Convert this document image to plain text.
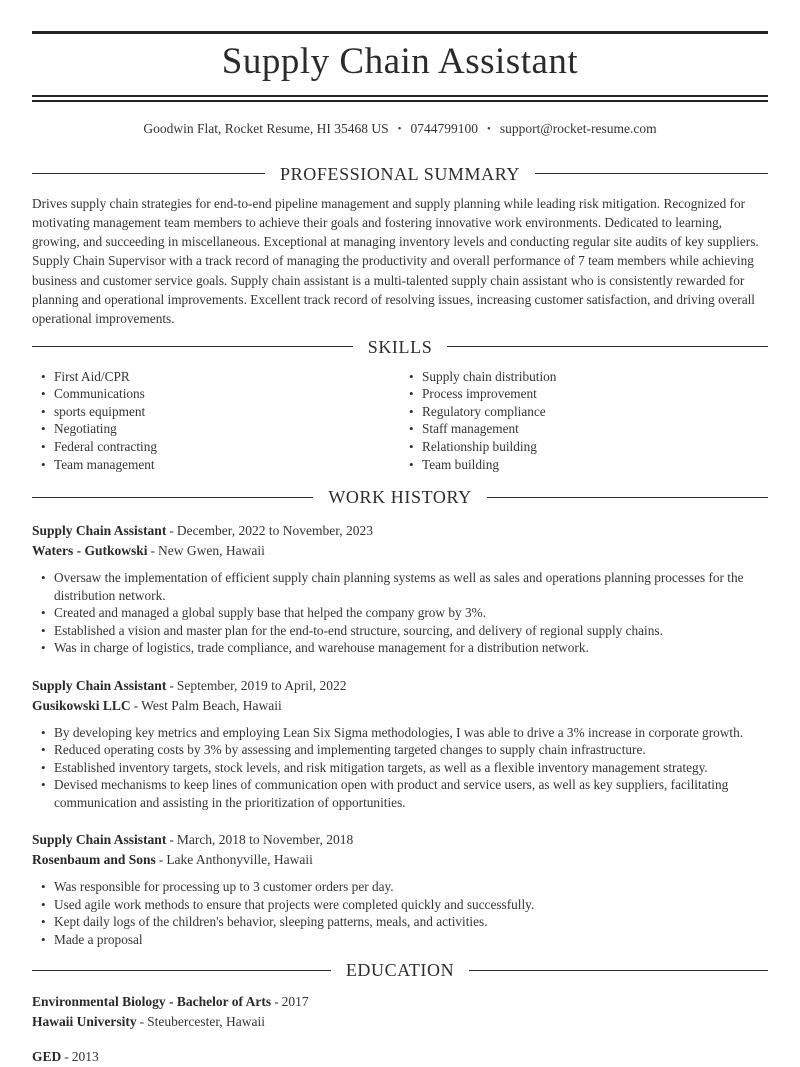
Supply Chain Assistant
Goodwin Flat, Rocket Resume, HI 35468 US • 0744799100 • support@rocket-resume.com
PROFESSIONAL SUMMARY

Drives supply chain strategies for end-to-end pipeline management and supply planning while leading risk mitigation. Recognized for motivating management team members to achieve their goals and fostering innovative work environments. Dedicated to learning, growing, and succeeding in miscellaneous. Exceptional at managing inventory levels and conducting regular site audits of key suppliers. Supply Chain Supervisor with a track record of managing the productivity and overall performance of 7 team members while achieving business and customer service goals. Supply chain assistant is a multi-talented supply chain assistant who is consistently rewarded for planning and operational improvements. Excellent track record of resolving issues, increasing customer satisfaction, and driving overall operational improvements.

SKILLS
• First Aid/CPR
• Communications
• sports equipment
• Negotiating
• Federal contracting
• Team management
• Supply chain distribution
• Process improvement
• Regulatory compliance
• Staff management
• Relationship building
• Team building
WORK HISTORY
Supply Chain Assistant - December, 2022 to November, 2023
Waters - Gutkowski - New Gwen, Hawaii
• Oversaw the implementation of efficient supply chain planning systems as well as sales and operations planning processes for the distribution network.
• Created and managed a global supply base that helped the company grow by 3%.
• Established a vision and master plan for the end-to-end structure, sourcing, and delivery of regional supply chains.
• Was in charge of logistics, trade compliance, and warehouse management for a distribution network.
Supply Chain Assistant - September, 2019 to April, 2022
Gusikowski LLC - West Palm Beach, Hawaii
• By developing key metrics and employing Lean Six Sigma methodologies, I was able to drive a 3% increase in corporate growth.
• Reduced operating costs by 3% by assessing and implementing targeted changes to supply chain infrastructure.
• Established inventory targets, stock levels, and risk mitigation targets, as well as a flexible inventory management strategy.
• Devised mechanisms to keep lines of communication open with product and service users, as well as key suppliers, facilitating communication and assisting in the prioritization of opportunities.
Supply Chain Assistant - March, 2018 to November, 2018
Rosenbaum and Sons - Lake Anthonyville, Hawaii
• Was responsible for processing up to 3 customer orders per day.
• Used agile work methods to ensure that projects were completed quickly and successfully.
• Kept daily logs of the children's behavior, sleeping patterns, meals, and activities.
• Made a proposal
EDUCATION
Environmental Biology - Bachelor of Arts - 2017
Hawaii University - Steubercester, Hawaii
GED - 2013
